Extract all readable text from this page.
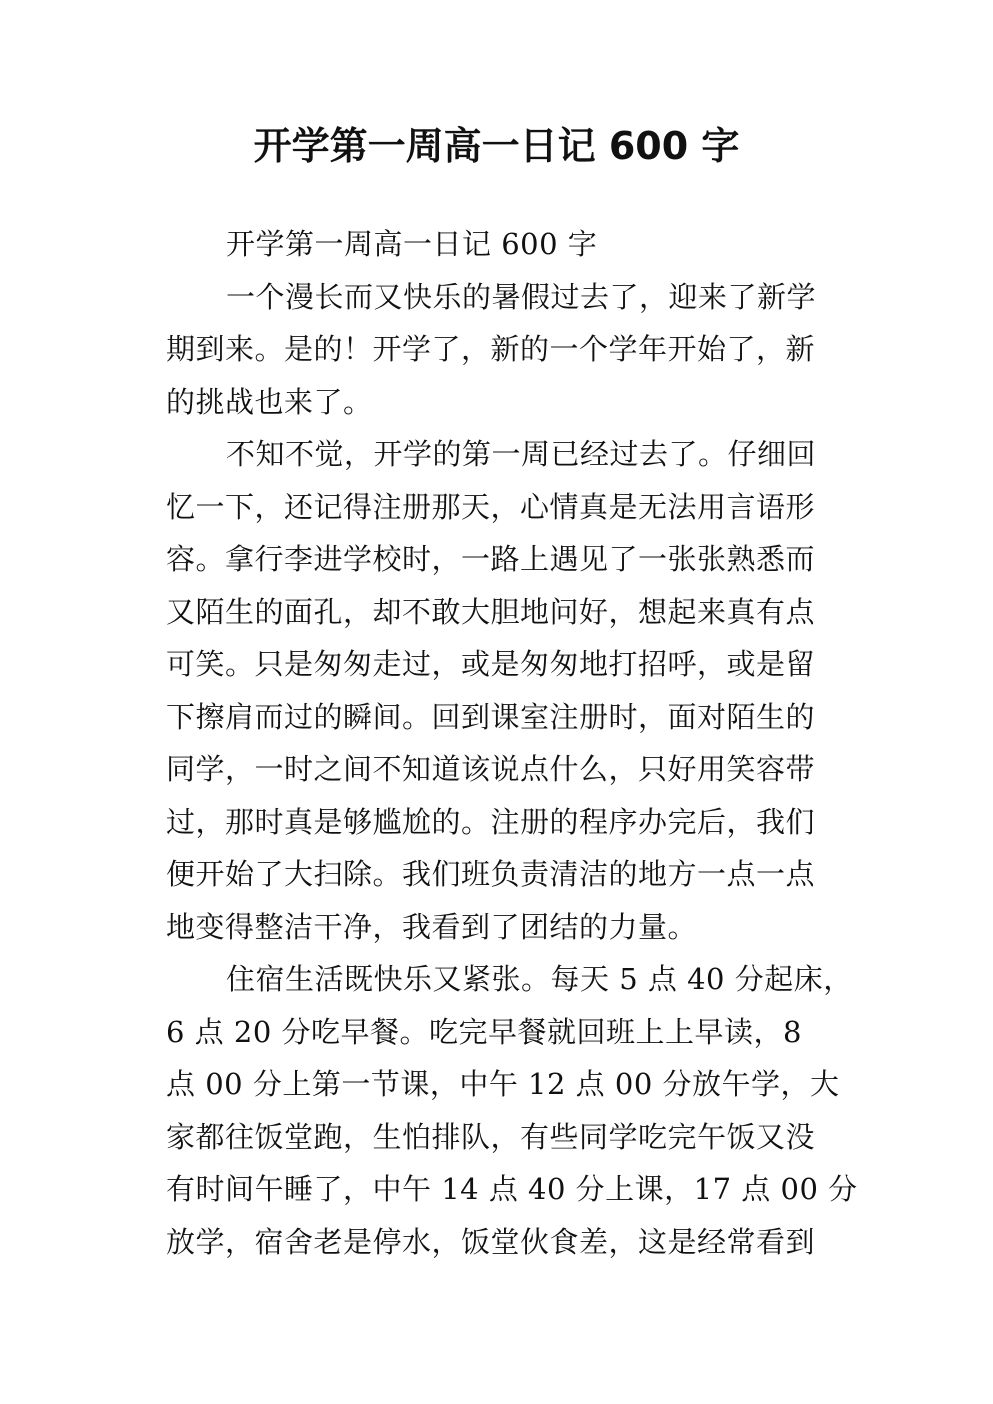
开学第一周高一日记 600 字
开学第一周高一日记 600 字
一个漫长而又快乐的暑假过去了，迎来了新学
期到来。是的！开学了，新的一个学年开始了，新
的挑战也来了。
不知不觉，开学的第一周已经过去了。仔细回
忆一下，还记得注册那天，心情真是无法用言语形
容。拿行李进学校时，一路上遇见了一张张熟悉而
又陌生的面孔，却不敢大胆地问好，想起来真有点
可笑。只是匆匆走过，或是匆匆地打招呼，或是留
下擦肩而过的瞬间。回到课室注册时，面对陌生的
同学，一时之间不知道该说点什么，只好用笑容带
过，那时真是够尴尬的。注册的程序办完后，我们
便开始了大扫除。我们班负责清洁的地方一点一点
地变得整洁干净，我看到了团结的力量。
住宿生活既快乐又紧张。每天 5 点 40 分起床，
6 点 20 分吃早餐。吃完早餐就回班上上早读，8
点 00 分上第一节课，中午 12 点 00 分放午学，大
家都往饭堂跑，生怕排队，有些同学吃完午饭又没
有时间午睡了，中午 14 点 40 分上课，17 点 00 分
放学，宿舍老是停水，饭堂伙食差，这是经常看到
